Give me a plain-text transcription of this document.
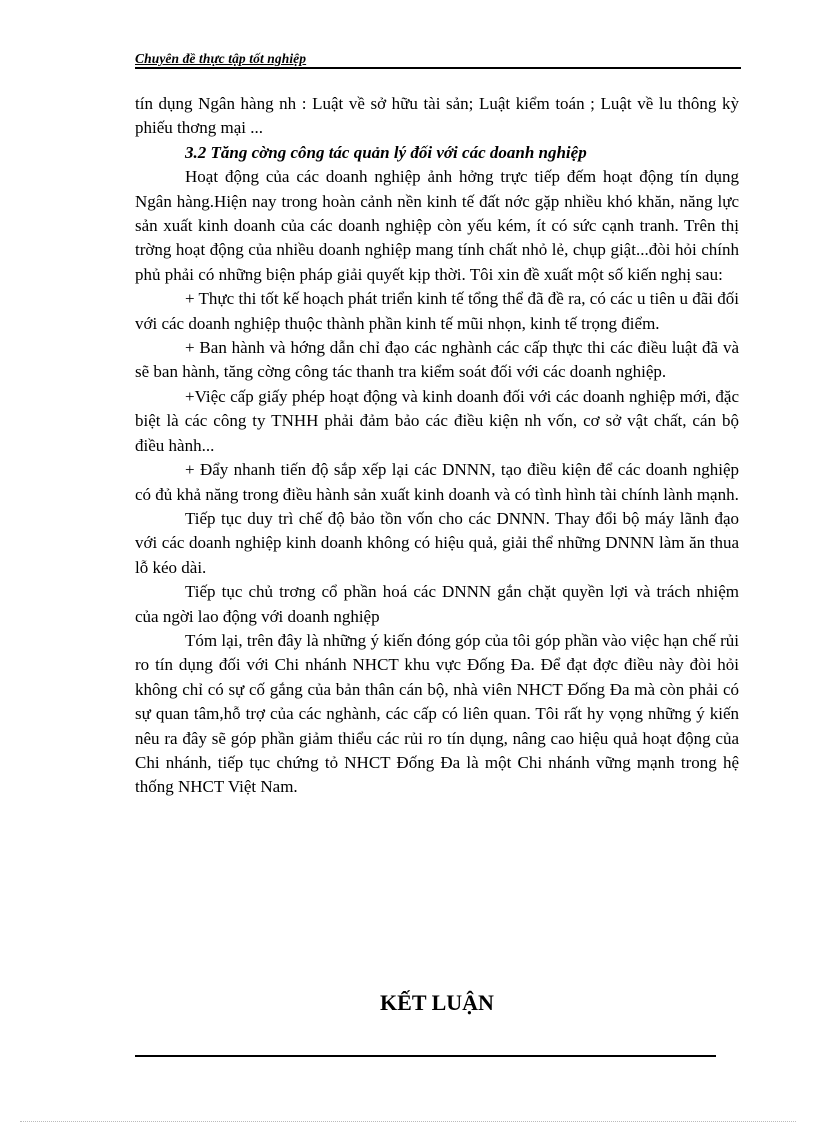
Chuyên đề thực tập tốt nghiệp

tín dụng Ngân hàng nh : Luật về sở hữu tài sản; Luật kiểm toán ; Luật về lu thông kỳ phiếu thơng mại ...

3.2 Tăng cờng công tác quản lý đối với các doanh nghiệp

Hoạt động của các doanh nghiệp ảnh hởng trực tiếp đếm hoạt động tín dụng Ngân hàng.Hiện nay trong hoàn cảnh nền kinh tế đất nớc gặp nhiều khó khăn, năng lực sản xuất kinh doanh của các doanh nghiệp còn yếu kém, ít có sức cạnh tranh. Trên thị trờng hoạt động của nhiều doanh nghiệp mang tính chất nhỏ lẻ, chụp giật...đòi hỏi chính phủ phải có những biện pháp giải quyết kịp thời. Tôi xin đề xuất một số kiến nghị sau:

+ Thực thi tốt kế hoạch phát triển kinh tế tổng thể đã đề ra, có các u tiên u đãi đối với các doanh nghiệp thuộc thành phần kinh tế mũi nhọn, kinh tế trọng điểm.

+ Ban hành và hớng dẫn chỉ đạo các nghành các cấp thực thi các điều luật đã và sẽ ban hành, tăng cờng công tác thanh tra kiểm soát đối với các doanh nghiệp.

+Việc cấp giấy phép hoạt động và kinh doanh đối với các doanh nghiệp mới, đặc biệt là các công ty TNHH phải đảm bảo các điều kiện nh vốn, cơ sở vật chất, cán bộ điều hành...

+ Đẩy nhanh tiến độ sắp xếp lại các DNNN, tạo điều kiện để các doanh nghiệp có đủ khả năng trong điều hành sản xuất kinh doanh và có tình hình tài chính lành mạnh.

Tiếp tục duy trì chế độ bảo tồn vốn cho các DNNN. Thay đổi bộ máy lãnh đạo với các doanh nghiệp kinh doanh không có hiệu quả, giải thể những DNNN làm ăn thua lỗ kéo dài.

Tiếp tục chủ trơng cổ phần hoá các DNNN gắn chặt quyền lợi và trách nhiệm của ngời lao động với doanh nghiệp

Tóm lại, trên đây là những ý kiến đóng góp của tôi góp phần vào việc hạn chế rủi ro tín dụng đối với Chi nhánh NHCT khu vực Đống Đa. Để đạt đợc điều này đòi hỏi không chỉ có sự cố gắng của bản thân cán bộ, nhà viên NHCT Đống Đa mà còn phải có sự quan tâm,hỗ trợ của các nghành, các cấp có liên quan. Tôi rất hy vọng những ý kiến nêu ra đây sẽ góp phần giảm thiểu các rủi ro tín dụng, nâng cao hiệu quả hoạt động của Chi nhánh, tiếp tục chứng tỏ NHCT Đống Đa là một Chi nhánh vững mạnh trong hệ thống NHCT Việt Nam.

KẾT LUẬN
